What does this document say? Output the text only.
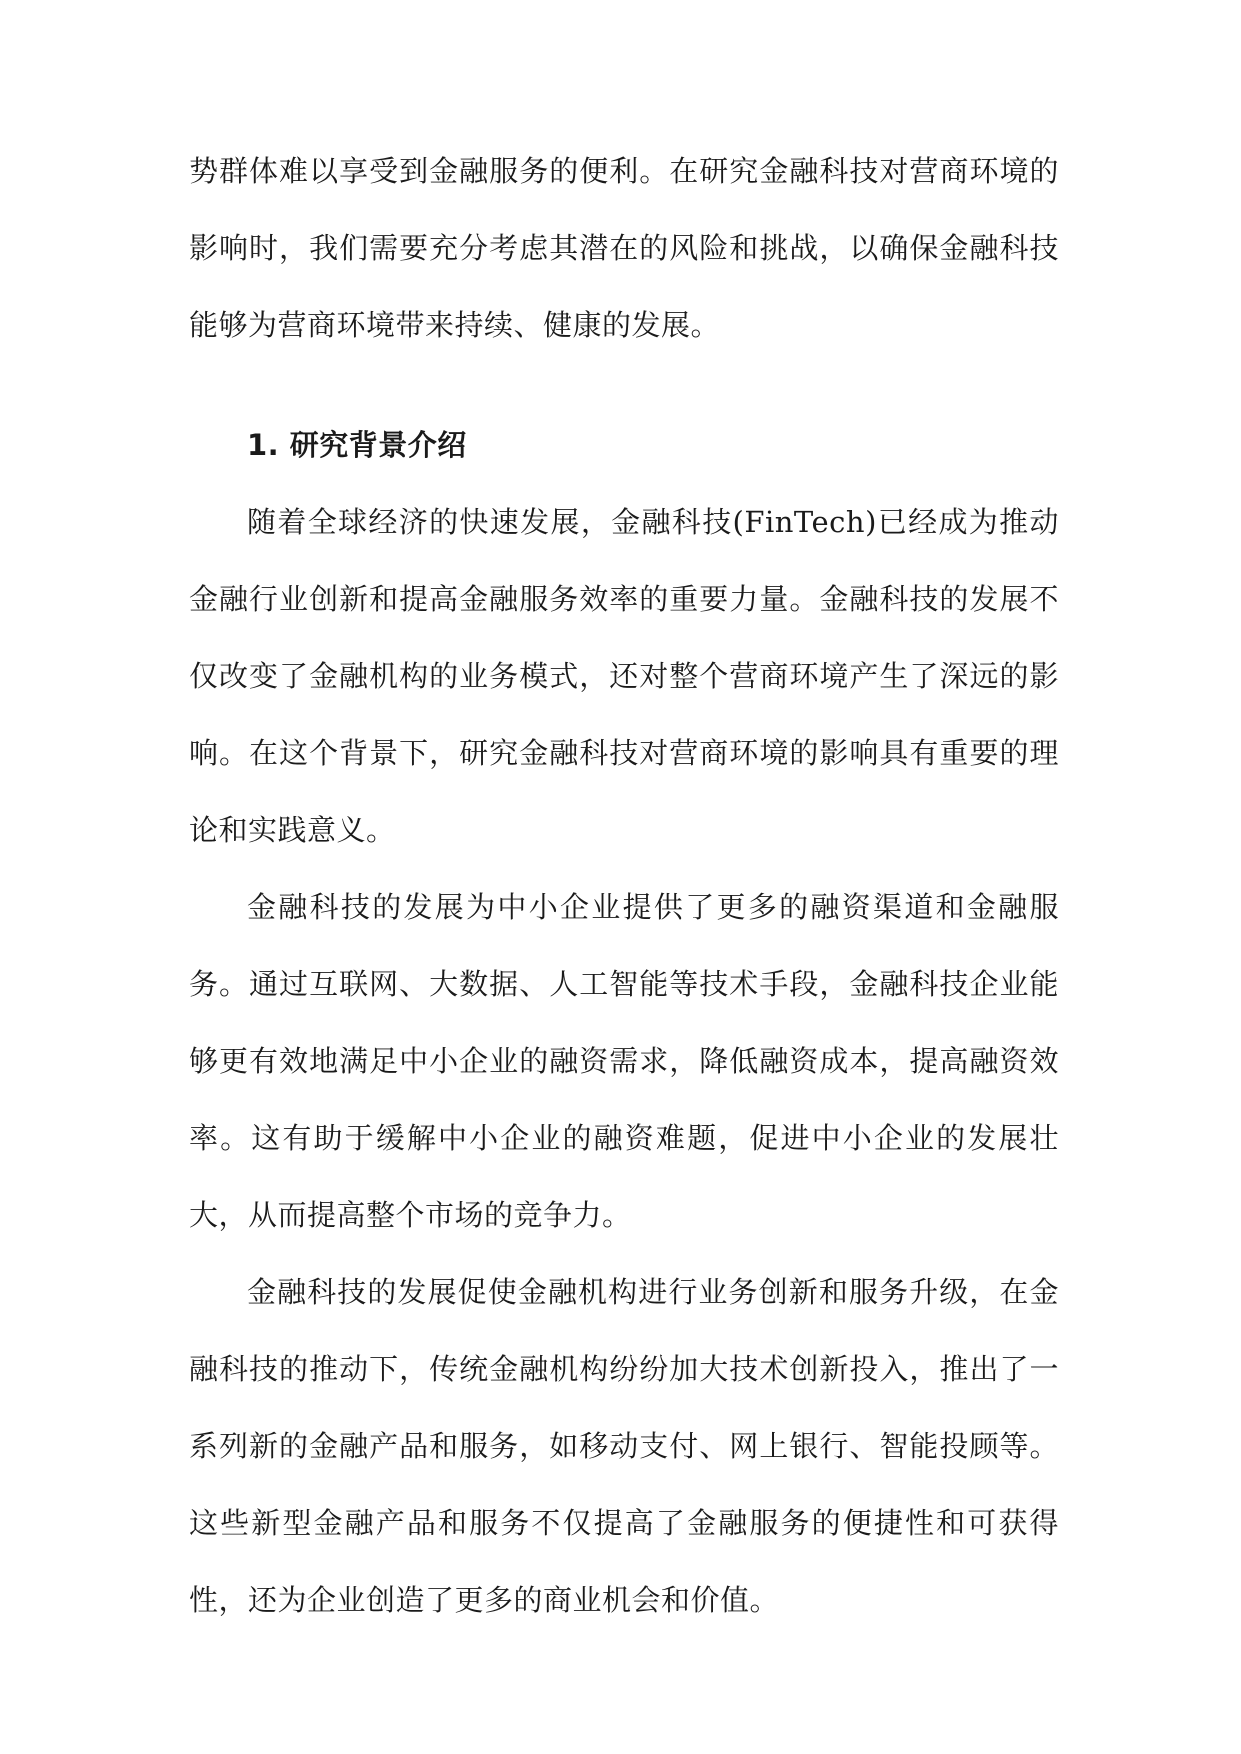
势群体难以享受到金融服务的便利。在研究金融科技对营商环境的影响时，我们需要充分考虑其潜在的风险和挑战，以确保金融科技能够为营商环境带来持续、健康的发展。

1. 研究背景介绍

随着全球经济的快速发展，金融科技(FinTech)已经成为推动金融行业创新和提高金融服务效率的重要力量。金融科技的发展不仅改变了金融机构的业务模式，还对整个营商环境产生了深远的影响。在这个背景下，研究金融科技对营商环境的影响具有重要的理论和实践意义。

金融科技的发展为中小企业提供了更多的融资渠道和金融服务。通过互联网、大数据、人工智能等技术手段，金融科技企业能够更有效地满足中小企业的融资需求，降低融资成本，提高融资效率。这有助于缓解中小企业的融资难题，促进中小企业的发展壮大，从而提高整个市场的竞争力。

金融科技的发展促使金融机构进行业务创新和服务升级，在金融科技的推动下，传统金融机构纷纷加大技术创新投入，推出了一系列新的金融产品和服务，如移动支付、网上银行、智能投顾等。这些新型金融产品和服务不仅提高了金融服务的便捷性和可获得性，还为企业创造了更多的商业机会和价值。
